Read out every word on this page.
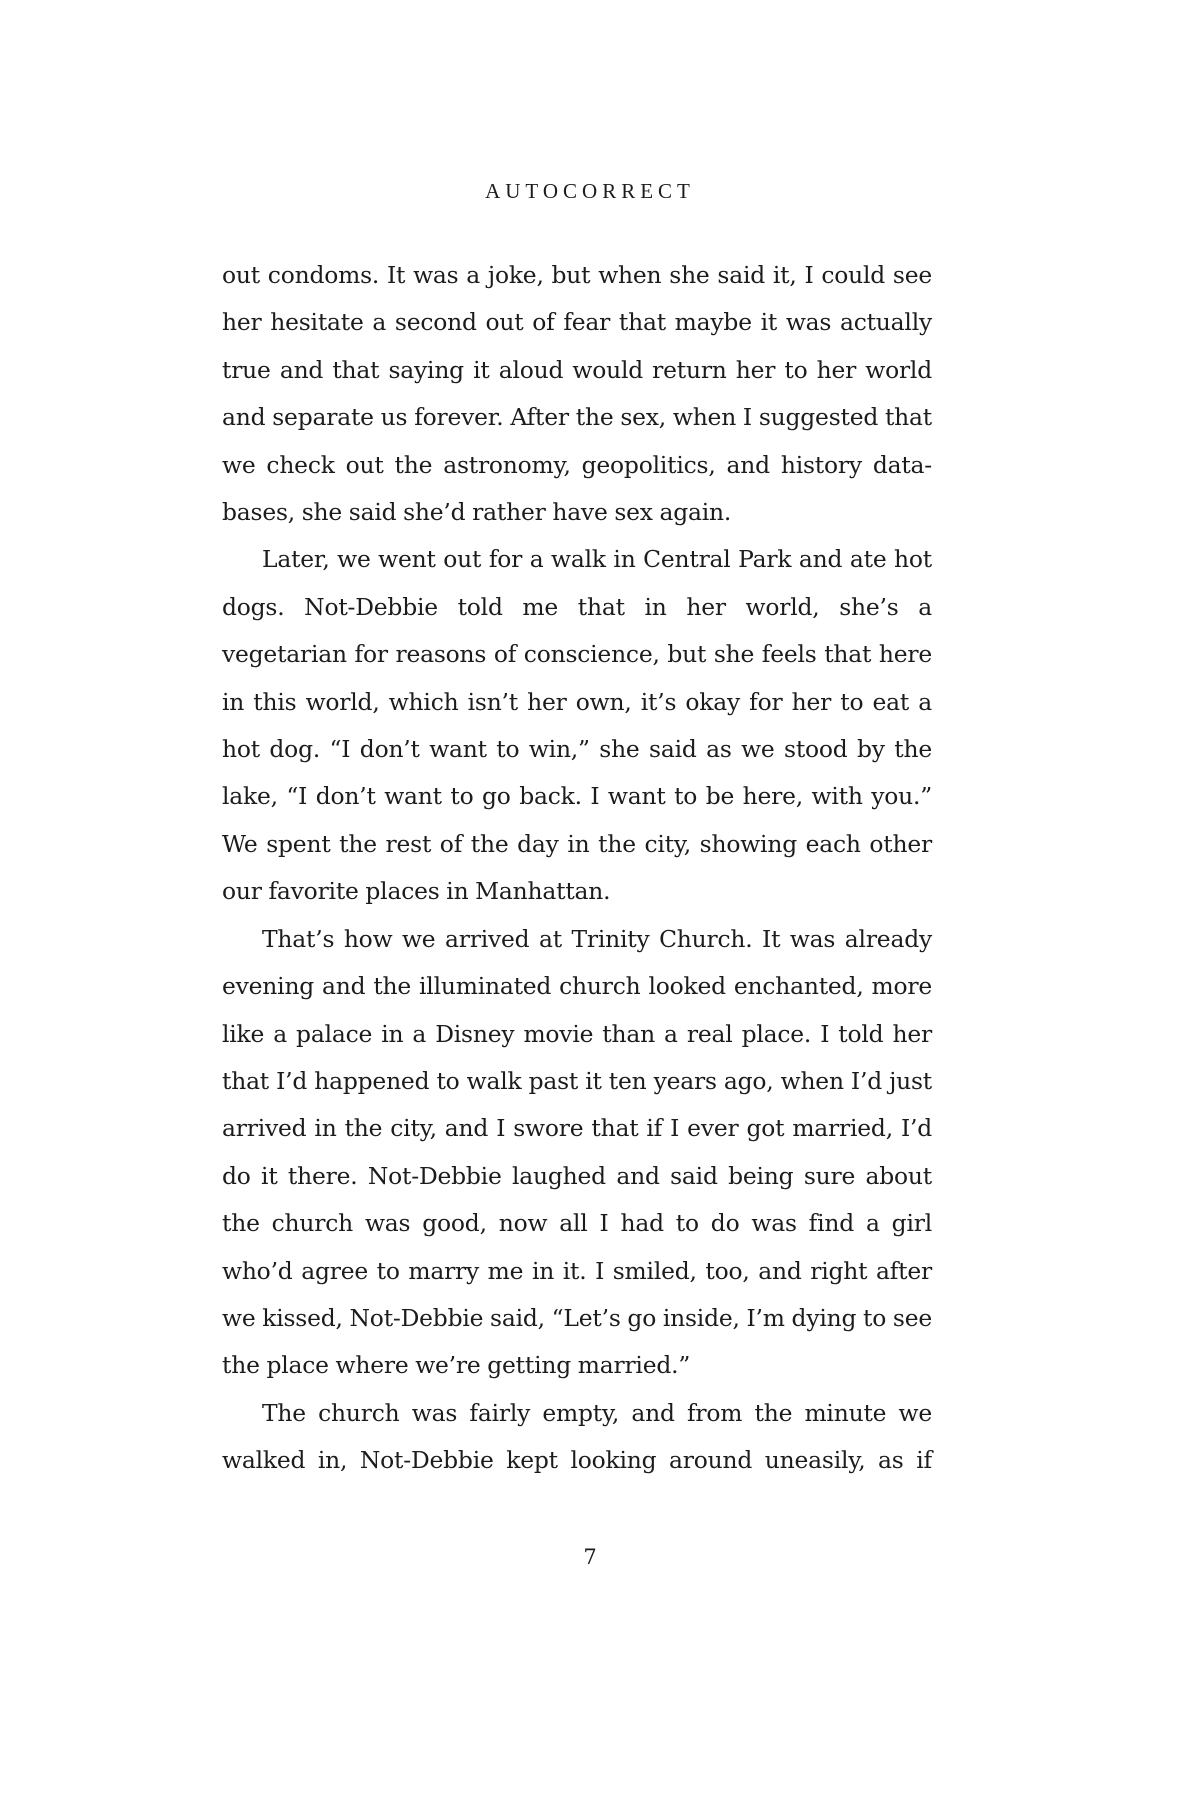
AUTOCORRECT

out condoms. It was a joke, but when she said it, I could see her hesitate a second out of fear that maybe it was actually true and that saying it aloud would return her to her world and separate us forever. After the sex, when I suggested that we check out the astronomy, geopolitics, and history data-bases, she said she’d rather have sex again.

Later, we went out for a walk in Central Park and ate hot dogs. Not-Debbie told me that in her world, she’s a vegetarian for reasons of conscience, but she feels that here in this world, which isn’t her own, it’s okay for her to eat a hot dog. “I don’t want to win,” she said as we stood by the lake, “I don’t want to go back. I want to be here, with you.” We spent the rest of the day in the city, showing each other our favorite places in Manhattan.

That’s how we arrived at Trinity Church. It was already evening and the illuminated church looked enchanted, more like a palace in a Disney movie than a real place. I told her that I’d happened to walk past it ten years ago, when I’d just arrived in the city, and I swore that if I ever got married, I’d do it there. Not-Debbie laughed and said being sure about the church was good, now all I had to do was find a girl who’d agree to marry me in it. I smiled, too, and right after we kissed, Not-Debbie said, “Let’s go inside, I’m dying to see the place where we’re getting married.”

The church was fairly empty, and from the minute we walked in, Not-Debbie kept looking around uneasily, as if

7
